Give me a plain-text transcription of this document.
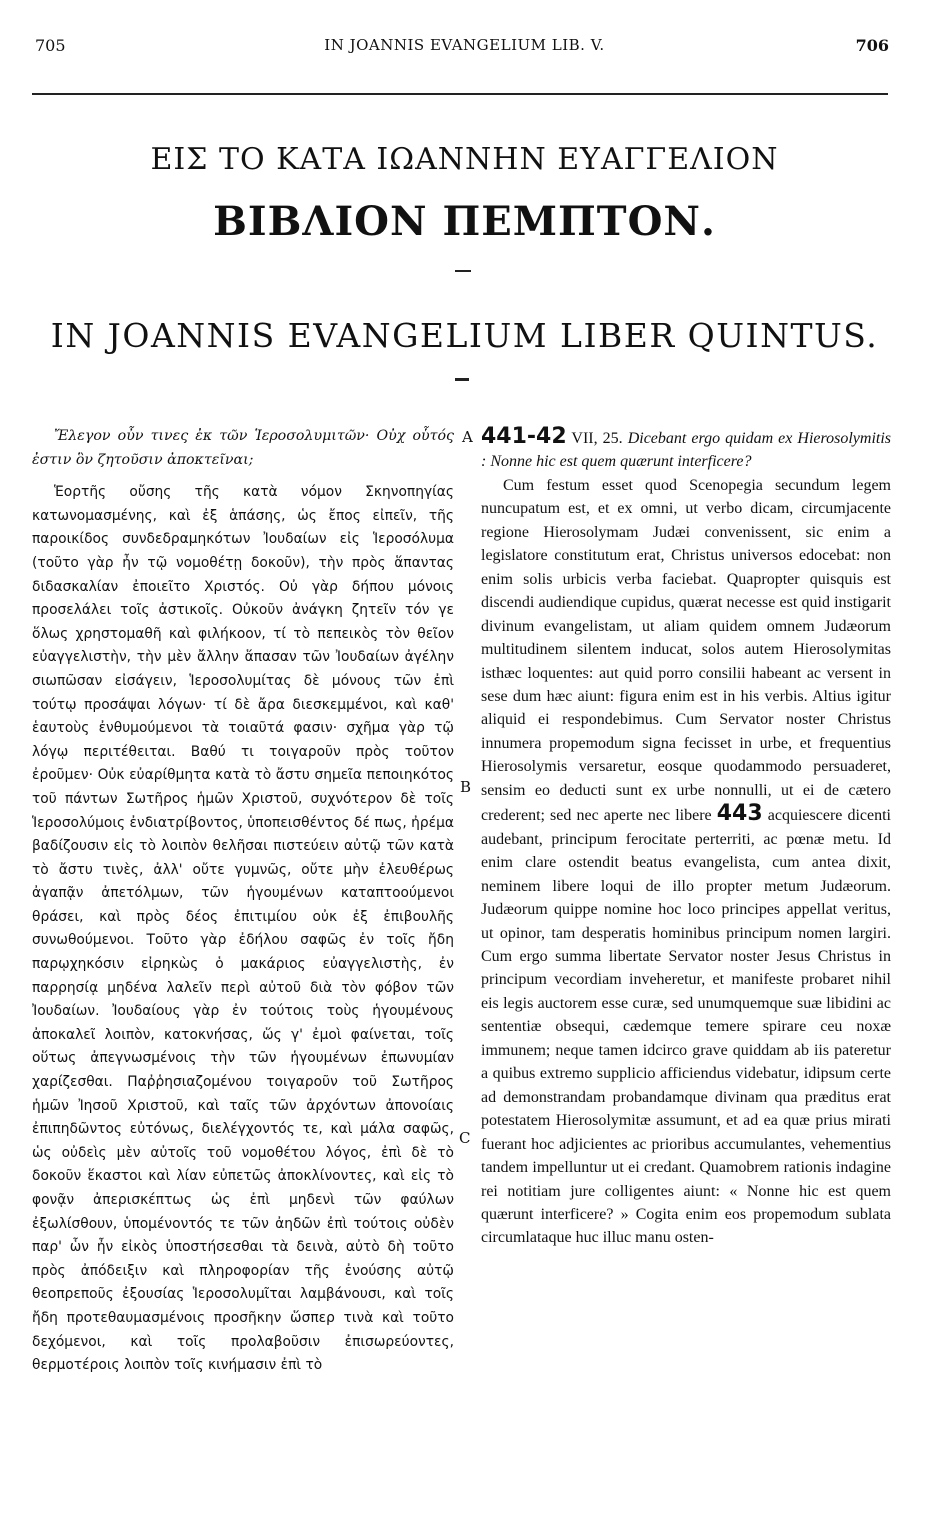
705	IN JOANNIS EVANGELIUM LIB. V.	706
ΕΙΣ ΤΟ ΚΑΤΑ ΙΩΑΝΝΗΝ ΕΥΑΓΓΕΛΙΟΝ
ΒΙΒΛΙΟΝ ΠΕΜΠΤΟΝ.
IN JOANNIS EVANGELIUM LIBER QUINTUS.
A
B
C

Ἔλεγον οὖν τινες ἐκ τῶν Ἱεροσολυμιτῶν· Οὐχ οὗτός ἐστιν ὃν ζητοῦσιν ἀποκτεῖναι;

Ἑορτῆς οὔσης τῆς κατὰ νόμον Σκηνοπηγίας κατωνομασμένης, καὶ ἐξ ἁπάσης, ὡς ἔπος εἰπεῖν, τῆς παροικίδος συνδεδραμηκότων Ἰουδαίων εἰς Ἱεροσόλυμα (τοῦτο γὰρ ἦν τῷ νομοθέτῃ δοκοῦν), τὴν πρὸς ἅπαντας διδασκαλίαν ἐποιεῖτο Χριστός. Οὐ γὰρ δήπου μόνοις προσελάλει τοῖς ἀστικοῖς. Οὐκοῦν ἀνάγκη ζητεῖν τόν γε ὅλως χρηστομαθῆ καὶ φιλήκοον, τί τὸ πεπεικὸς τὸν θεῖον εὐαγγελιστὴν, τὴν μὲν ἄλλην ἅπασαν τῶν Ἰουδαίων ἀγέλην σιωπῶσαν εἰσάγειν, Ἱεροσολυμίτας δὲ μόνους τῶν ἐπὶ τούτῳ προσάψαι λόγων· τί δὲ ἄρα διεσκεμμένοι, καὶ καθ' ἑαυτοὺς ἐνθυμούμενοι τὰ τοιαῦτά φασιν· σχῆμα γὰρ τῷ λόγῳ περιτέθειται. Βαθύ τι τοιγαροῦν πρὸς τοῦτον ἐροῦμεν· Οὐκ εὐαρίθμητα κατὰ τὸ ἄστυ σημεῖα πεποιηκότος τοῦ πάντων Σωτῆρος ἡμῶν Χριστοῦ, συχνότερον δὲ τοῖς Ἱεροσολύμοις ἐνδιατρίβοντος, ὑποπεισθέντος δέ πως, ἠρέμα βαδίζουσιν εἰς τὸ λοιπὸν θελῆσαι πιστεύειν αὐτῷ τῶν κατὰ τὸ ἄστυ τινὲς, ἀλλ' οὔτε γυμνῶς, οὔτε μὴν ἐλευθέρως ἀγαπᾷν ἀπετόλμων, τῶν ἡγουμένων καταπτοούμενοι θράσει, καὶ πρὸς δέος ἐπιτιμίου οὐκ ἐξ ἐπιβουλῆς συνωθούμενοι. Τοῦτο γὰρ ἐδήλου σαφῶς ἐν τοῖς ἤδη παρῳχηκόσιν εἰρηκὼς ὁ μακάριος εὐαγγελιστὴς, ἐν παρρησίᾳ μηδένα λαλεῖν περὶ αὐτοῦ διὰ τὸν φόβον τῶν Ἰουδαίων. Ἰουδαίους γὰρ ἐν τούτοις τοὺς ἡγουμένους ἀποκαλεῖ λοιπὸν, κατοκνήσας, ὥς γ' ἐμοὶ φαίνεται, τοῖς οὕτως ἀπεγνωσμένοις τὴν τῶν ἡγουμένων ἐπωνυμίαν χαρίζεσθαι. Παῤῥησιαζομένου τοιγαροῦν τοῦ Σωτῆρος ἡμῶν Ἰησοῦ Χριστοῦ, καὶ ταῖς τῶν ἀρχόντων ἀπονοίαις ἐπιπηδῶντος εὐτόνως, διελέγχοντός τε, καὶ μάλα σαφῶς, ὡς οὐδεὶς μὲν αὐτοῖς τοῦ νομοθέτου λόγος, ἐπὶ δὲ τὸ δοκοῦν ἕκαστοι καὶ λίαν εὐπετῶς ἀποκλίνοντες, καὶ εἰς τὸ φονᾷν ἀπερισκέπτως ὡς ἐπὶ μηδενὶ τῶν φαύλων ἐξωλίσθουν, ὑπομένοντός τε τῶν ἀηδῶν ἐπὶ τούτοις οὐδὲν παρ' ὧν ἦν εἰκὸς ὑποστήσεσθαι τὰ δεινὰ, αὐτὸ δὴ τοῦτο πρὸς ἀπόδειξιν καὶ πληροφορίαν τῆς ἐνούσης αὐτῷ θεοπρεποῦς ἐξουσίας Ἱεροσολυμῖται λαμβάνουσι, καὶ τοῖς ἤδη προτεθαυμασμένοις προσῆκην ὥσπερ τινὰ καὶ τοῦτο δεχόμενοι, καὶ τοῖς προλαβοῦσιν ἐπισωρεύοντες, θερμοτέροις λοιπὸν τοῖς κινήμασιν ἐπὶ τὸ

441-42 VII, 25. Dicebant ergo quidam ex Hierosolymitis : Nonne hic est quem quærunt interficere?

Cum festum esset quod Scenopegia secundum legem nuncupatum est, et ex omni, ut verbo dicam, circumjacente regione Hierosolymam Judæi convenissent, sic enim a legislatore constitutum erat, Christus universos edocebat: non enim solis urbicis verba faciebat. Quapropter quisquis est discendi audiendique cupidus, quærat necesse est quid instigarit divinum evangelistam, ut aliam quidem omnem Judæorum multitudinem silentem inducat, solos autem Hierosolymitas isthæc loquentes: aut quid porro consilii habeant ac versent in sese dum hæc aiunt: figura enim est in his verbis. Altius igitur aliquid ei respondebimus. Cum Servator noster Christus innumera propemodum signa fecisset in urbe, et frequentius Hierosolymis versaretur, eosque quodammodo persuaderet, sensim eo deducti sunt ex urbe nonnulli, ut ei de cætero crederent; sed nec aperte nec libere 443 acquiescere dicenti audebant, principum ferocitate perterriti, ac pœnæ metu. Id enim clare ostendit beatus evangelista, cum antea dixit, neminem libere loqui de illo propter metum Judæorum. Judæorum quippe nomine hoc loco principes appellat veritus, ut opinor, tam desperatis hominibus principum nomen largiri. Cum ergo summa libertate Servator noster Jesus Christus in principum vecordiam inveheretur, et manifeste probaret nihil eis legis auctorem esse curæ, sed unumquemque suæ libidini ac sententiæ obsequi, cædemque temere spirare ceu noxæ immunem; neque tamen idcirco grave quiddam ab iis pateretur a quibus extremo supplicio afficiendus videbatur, idipsum certe ad demonstrandam probandamque divinam qua præditus erat potestatem Hierosolymitæ assumunt, et ad ea quæ prius mirati fuerant hoc adjicientes ac prioribus accumulantes, vehementius tandem impelluntur ut ei credant. Quamobrem rationis indagine rei notitiam jure colligentes aiunt: « Nonne hic est quem quærunt interficere? » Cogita enim eos propemodum sublata circumlataque huc illuc manu osten-
